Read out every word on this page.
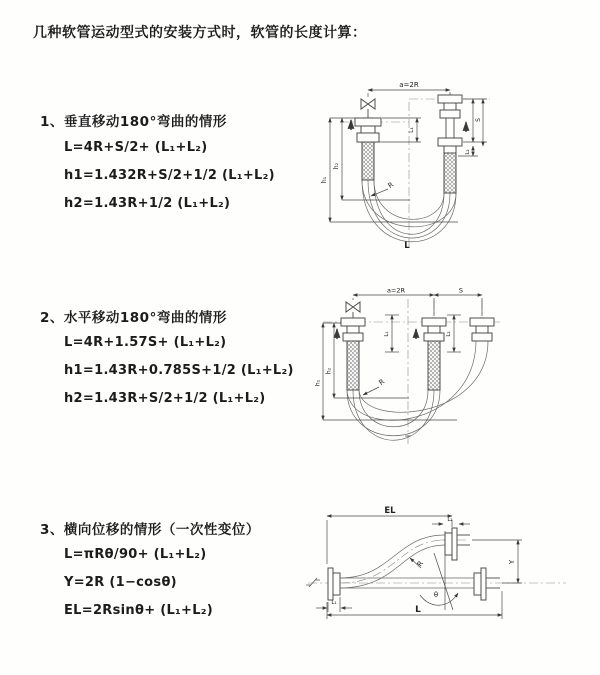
几种软管运动型式的安装方式时，软管的长度计算：
1、垂直移动180°弯曲的情形
L=4R+S/2+ (L₁+L₂)
h1=1.432R+S/2+1/2 (L₁+L₂)
h2=1.43R+1/2 (L₁+L₂)
2、水平移动180°弯曲的情形
L=4R+1.57S+ (L₁+L₂)
h1=1.43R+0.785S+1/2 (L₁+L₂)
h2=1.43R+S/2+1/2 (L₁+L₂)
3、横向位移的情形（一次性变位）
L=πRθ/90+ (L₁+L₂)
Y=2R (1−cosθ)
EL=2Rsinθ+ (L₁+L₂)
a=2R
L₁
S
L₂
h₁
h₂
R
L
a=2R	S
L₁	L₂
h₁
h₂
R
EL
L₂
θ
R	Y
L₁
L
